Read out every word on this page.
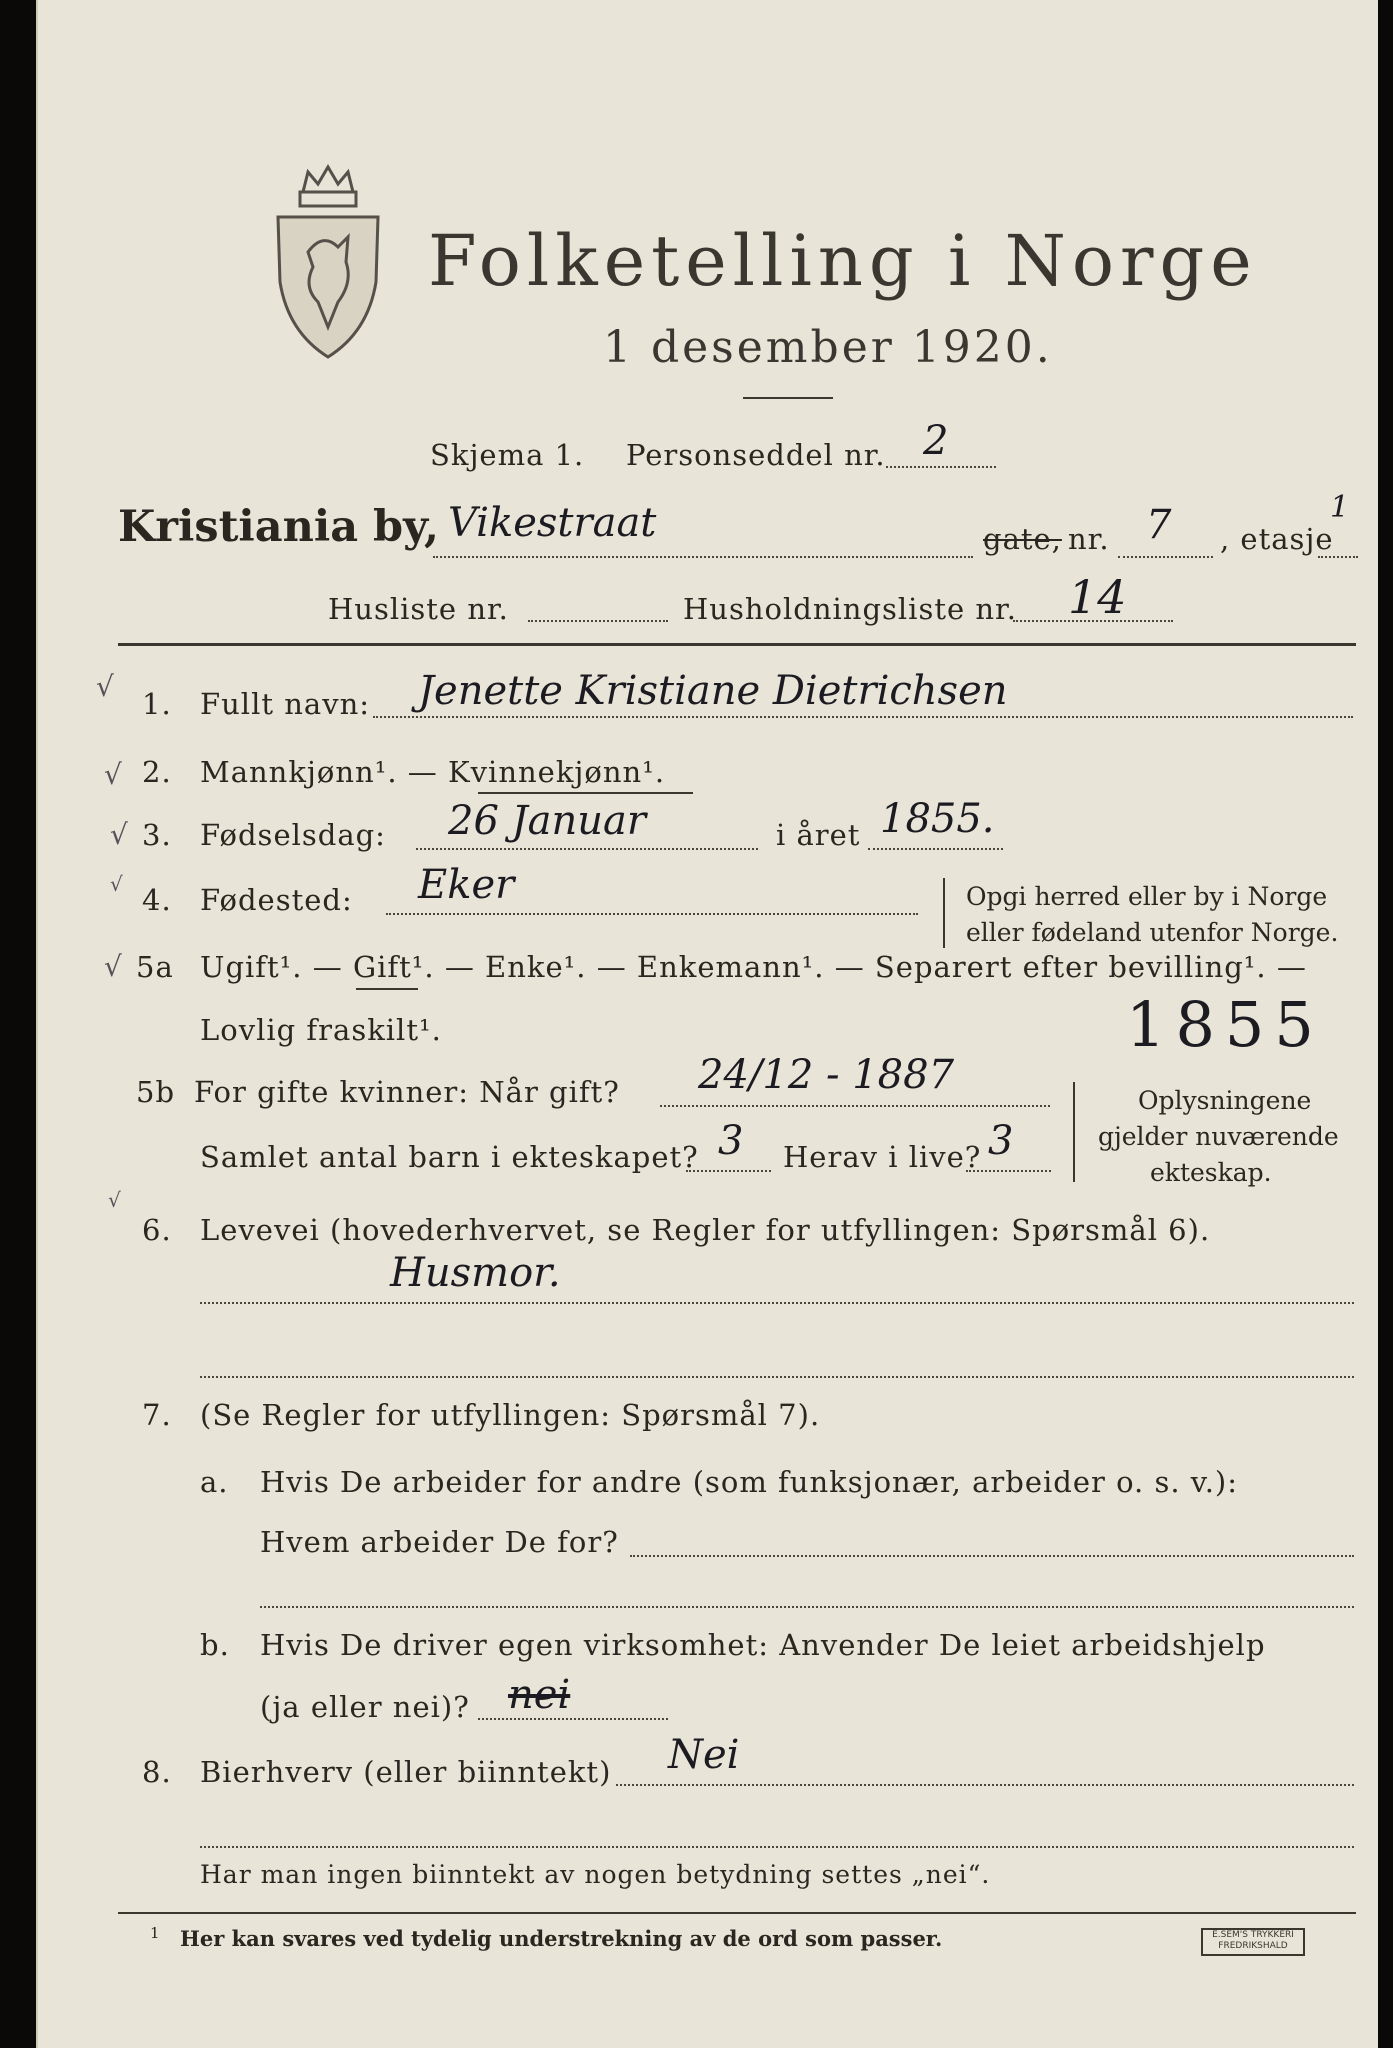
Folketelling i Norge
1 desember 1920.
Skjema 1. Personseddel nr. 2
Kristiania by, Vikestraat	gate, nr. 7 , etasje
1
Husliste nr.	Husholdningsliste nr. 14
√
√
√
√
√
√
1. Fullt navn: Jenette Kristiane Dietrichsen
2. Mannkjønn¹. — Kvinnekjønn¹.
3. Fødselsdag: 26 Januar	i året 1855.
4. Fødested: Eker	Opgi herred eller by i Norge
eller fødeland utenfor Norge.
5a Ugift¹. — Gift¹. — Enke¹. — Enkemann¹. — Separert efter bevilling¹. —
Lovlig fraskilt¹.	1855
5b For gifte kvinner: Når gift? 24/12 - 1887
Samlet antal barn i ekteskapet? 3 Herav i live? 3
Oplysningene
gjelder nuværende
ekteskap.
6. Levevei (hovederhvervet, se Regler for utfyllingen: Spørsmål 6).
Husmor.
7. (Se Regler for utfyllingen: Spørsmål 7).
a. Hvis De arbeider for andre (som funksjonær, arbeider o. s. v.):
Hvem arbeider De for?
b. Hvis De driver egen virksomhet: Anvender De leiet arbeidshjelp
(ja eller nei)? nei
8. Bierhverv (eller biinntekt) Nei
Har man ingen biinntekt av nogen betydning settes „nei“.
1 Her kan svares ved tydelig understrekning av de ord som passer.	E.SEM'S TRYKKERI
FREDRIKSHALD
